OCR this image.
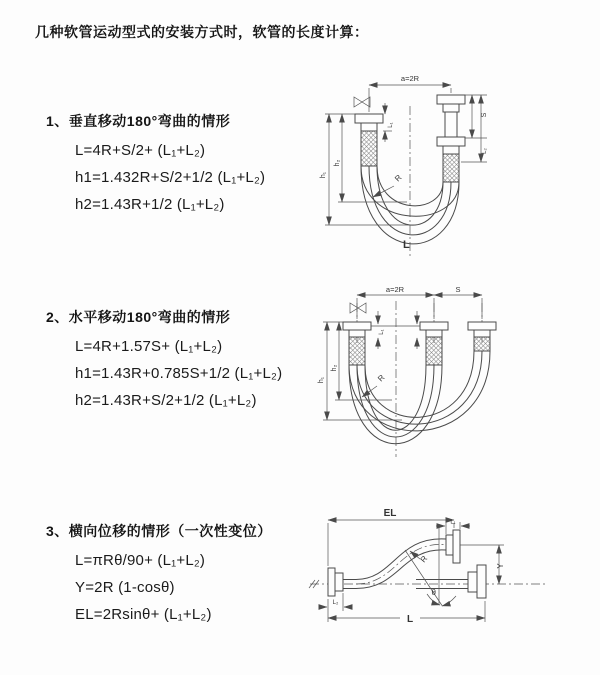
几种软管运动型式的安装方式时，软管的长度计算：
1、垂直移动180°弯曲的情形
L=4R+S/2+ (L₁+L₂)
h1=1.432R+S/2+1/2 (L₁+L₂)
h2=1.43R+1/2 (L₁+L₂)
2、水平移动180°弯曲的情形
L=4R+1.57S+ (L₁+L₂)
h1=1.43R+0.785S+1/2 (L₁+L₂)
h2=1.43R+S/2+1/2 (L₁+L₂)
3、横向位移的情形（一次性变位）
L=πRθ/90+ (L₁+L₂)
Y=2R (1-cosθ)
EL=2Rsinθ+ (L₁+L₂)
a=2R
R
h₁
h₂
L₁
S
L₂
L
a=2R	S
L₁
h₁
h₂
R
EL
L₁
Y
R
θ
L₂
L
